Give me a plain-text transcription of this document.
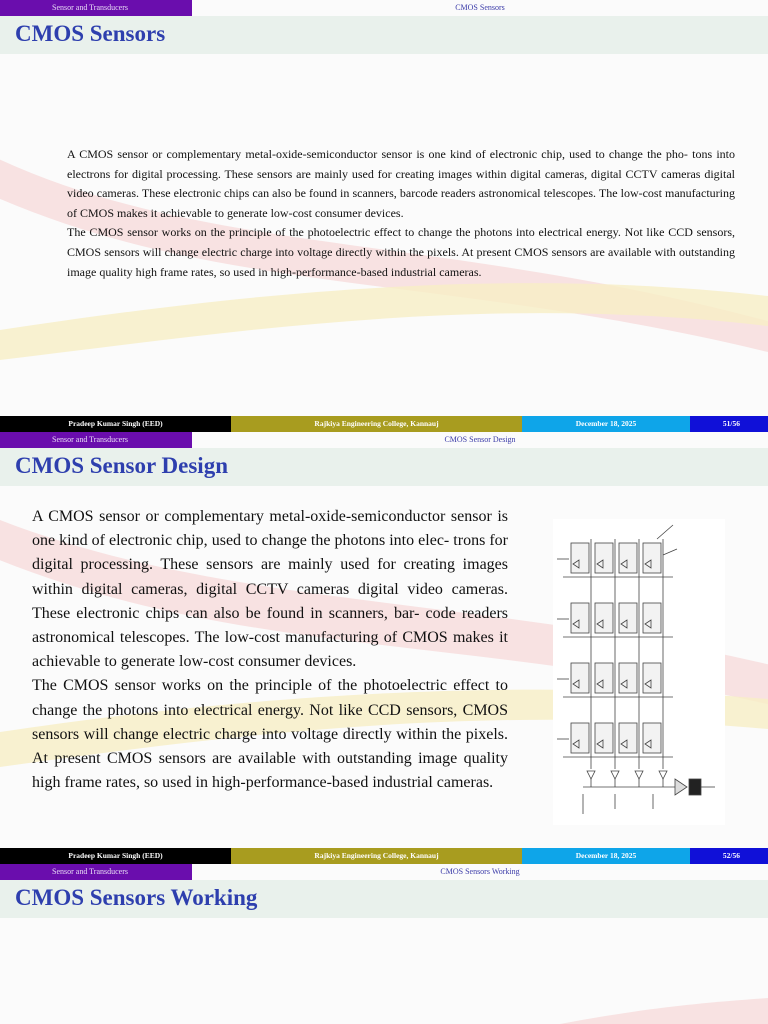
Sensor and Transducers	CMOS Sensors
CMOS Sensors

A CMOS sensor or complementary metal-oxide-semiconductor sensor is one kind of electronic chip, used to change the pho- tons into electrons for digital processing. These sensors are mainly used for creating images within digital cameras, digital CCTV cameras digital video cameras. These electronic chips can also be found in scanners, barcode readers astronomical telescopes. The low-cost manufacturing of CMOS makes it achievable to generate low-cost consumer devices.
The CMOS sensor works on the principle of the photoelectric effect to change the photons into electrical energy. Not like CCD sensors, CMOS sensors will change electric charge into voltage directly within the pixels. At present CMOS sensors are available with outstanding image quality high frame rates, so used in high-performance-based industrial cameras.

Pradeep Kumar Singh (EED)	Rajkiya Engineering College, Kannauj	December 18, 2025	51/56
Sensor and Transducers	CMOS Sensor Design
CMOS Sensor Design

A CMOS sensor or complementary metal-oxide-semiconductor sensor is one kind of electronic chip, used to change the photons into elec- trons for digital processing. These sensors are mainly used for creating images within digital cameras, digital CCTV cameras digital video cameras. These electronic chips can also be found in scanners, bar- code readers astronomical telescopes. The low-cost manufacturing of CMOS makes it achievable to generate low-cost consumer devices.
The CMOS sensor works on the principle of the photoelectric effect to change the photons into electrical energy. Not like CCD sensors, CMOS sensors will change electric charge into voltage directly within the pixels. At present CMOS sensors are available with outstanding image quality high frame rates, so used in high-performance-based industrial cameras.

Pradeep Kumar Singh (EED)	Rajkiya Engineering College, Kannauj	December 18, 2025	52/56
Sensor and Transducers	CMOS Sensors Working
CMOS Sensors Working
